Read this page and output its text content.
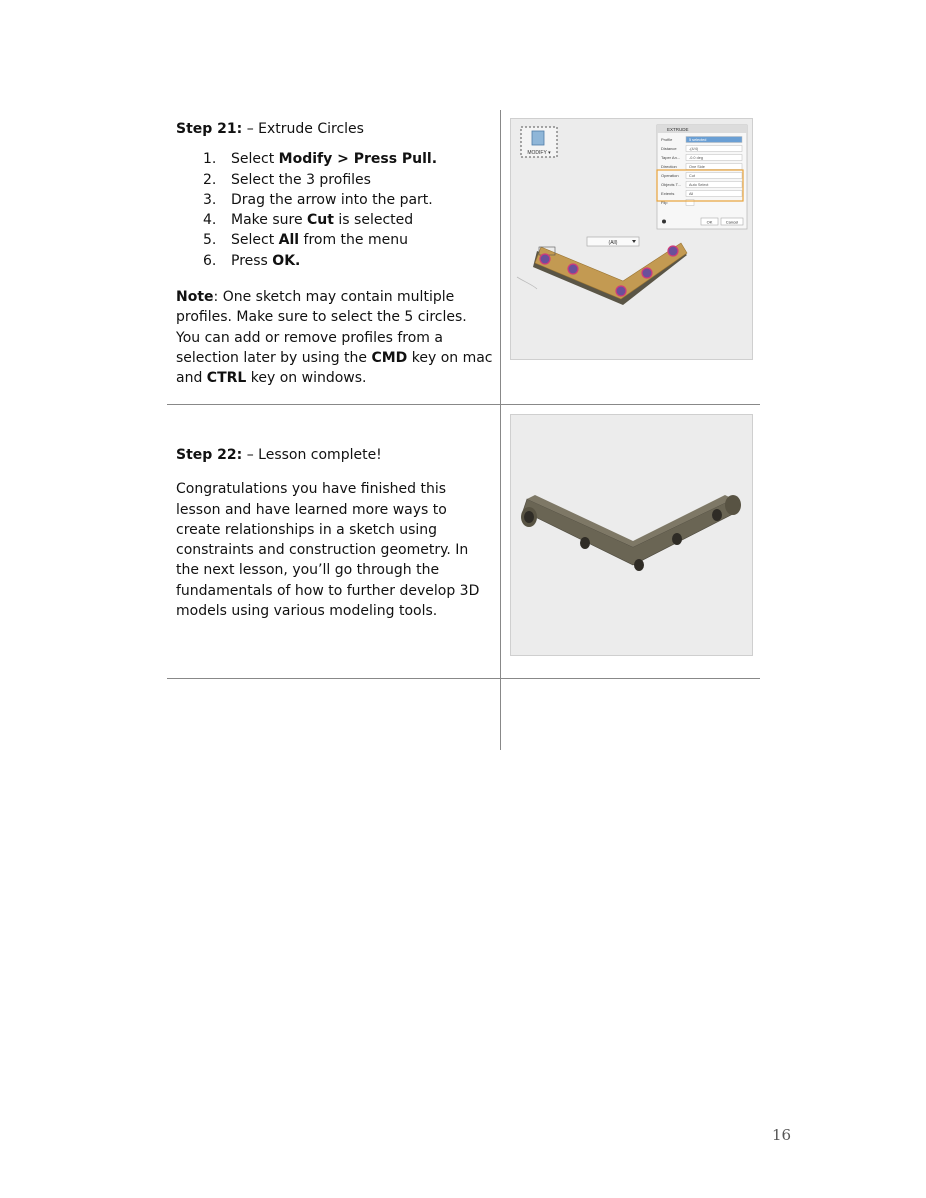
Step 21: – Extrude Circles

1. Select Modify > Press Pull.
2. Select the 3 profiles
3. Drag the arrow into the part.
4. Make sure Cut is selected
5. Select All from the menu
6. Press OK.

Note: One sketch may contain multiple profiles. Make sure to select the 5 circles. You can add or remove profiles from a selection later by using the CMD key on mac and CTRL key on windows.

MODIFY ▾
EXTRUDE
Profile	5 selected
Distance	-(4/4)
Taper An... -0.0 deg
Direction	One Side
Operation	Cut
Objects T... Auto Select
Extents	All
Flip
OK	Cancel
(All)

Step 22: – Lesson complete!

Congratulations you have finished this lesson and have learned more ways to create relationships in a sketch using constraints and construction geometry. In the next lesson, you’ll go through the fundamentals of how to further develop 3D models using various modeling tools.

16
